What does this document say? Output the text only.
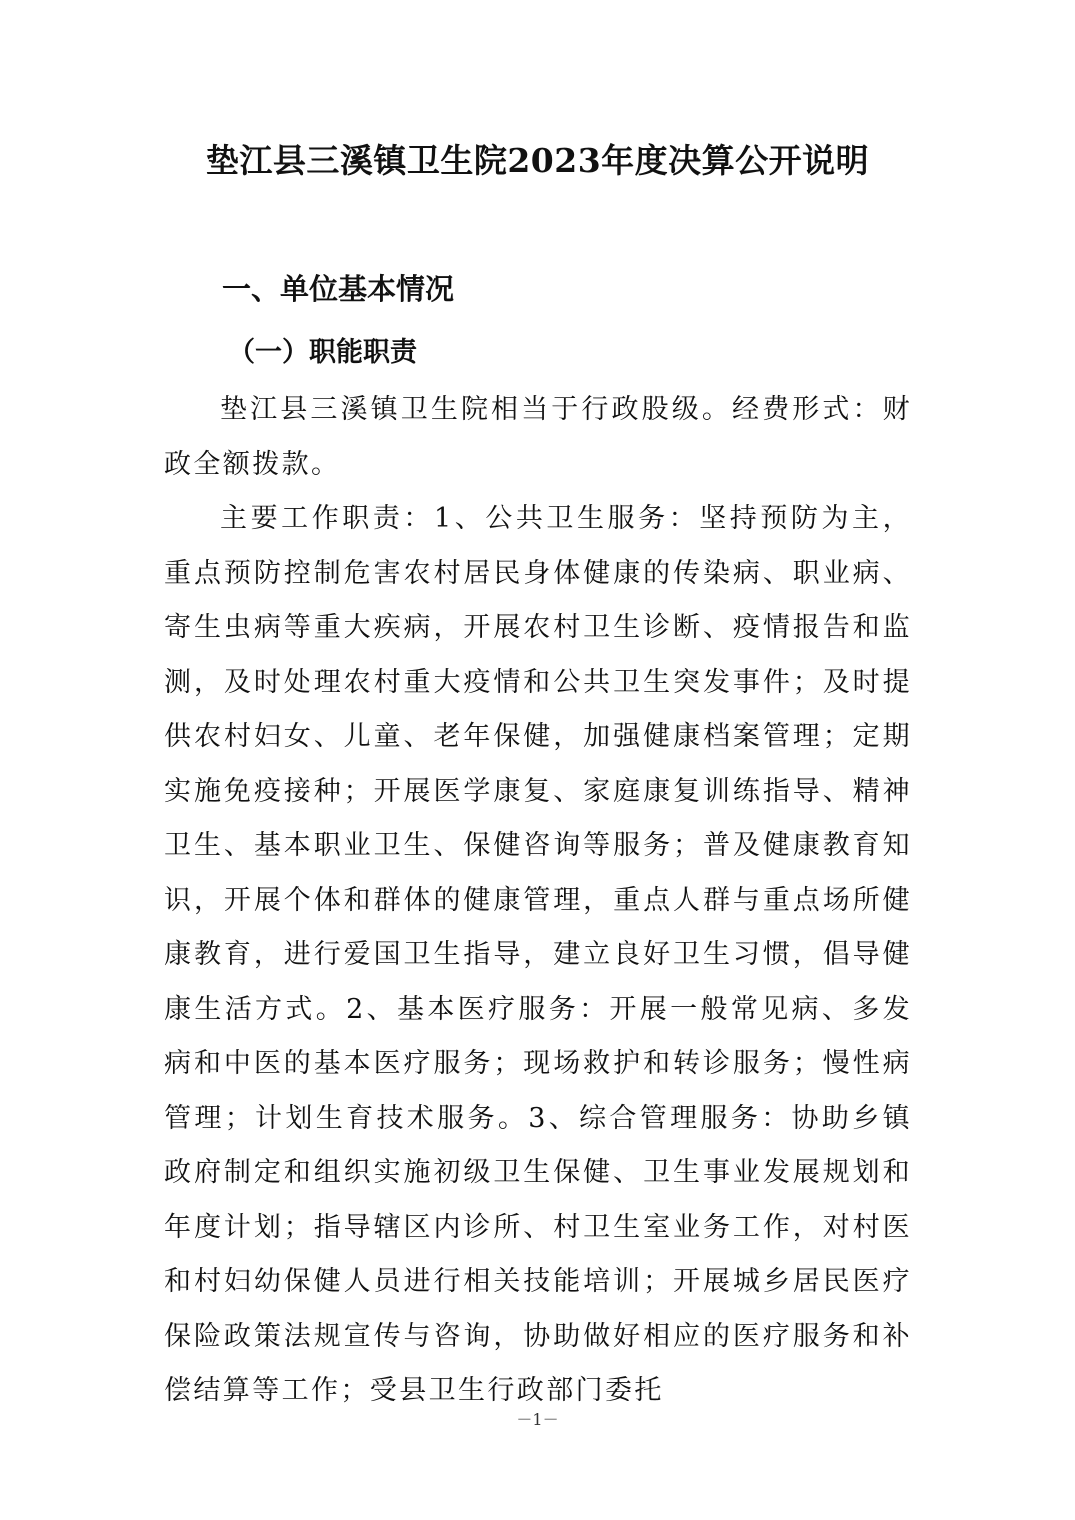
垫江县三溪镇卫生院2023年度决算公开说明
一、单位基本情况
（一）职能职责

垫江县三溪镇卫生院相当于行政股级。经费形式：财政全额拨款。

主要工作职责：1、公共卫生服务：坚持预防为主，重点预防控制危害农村居民身体健康的传染病、职业病、寄生虫病等重大疾病，开展农村卫生诊断、疫情报告和监测，及时处理农村重大疫情和公共卫生突发事件；及时提供农村妇女、儿童、老年保健，加强健康档案管理；定期实施免疫接种；开展医学康复、家庭康复训练指导、精神卫生、基本职业卫生、保健咨询等服务；普及健康教育知识，开展个体和群体的健康管理，重点人群与重点场所健康教育，进行爱国卫生指导，建立良好卫生习惯，倡导健康生活方式。2、基本医疗服务：开展一般常见病、多发病和中医的基本医疗服务；现场救护和转诊服务；慢性病管理；计划生育技术服务。3、综合管理服务：协助乡镇政府制定和组织实施初级卫生保健、卫生事业发展规划和年度计划；指导辖区内诊所、村卫生室业务工作，对村医和村妇幼保健人员进行相关技能培训；开展城乡居民医疗保险政策法规宣传与咨询，协助做好相应的医疗服务和补偿结算等工作；受县卫生行政部门委托

－1－
